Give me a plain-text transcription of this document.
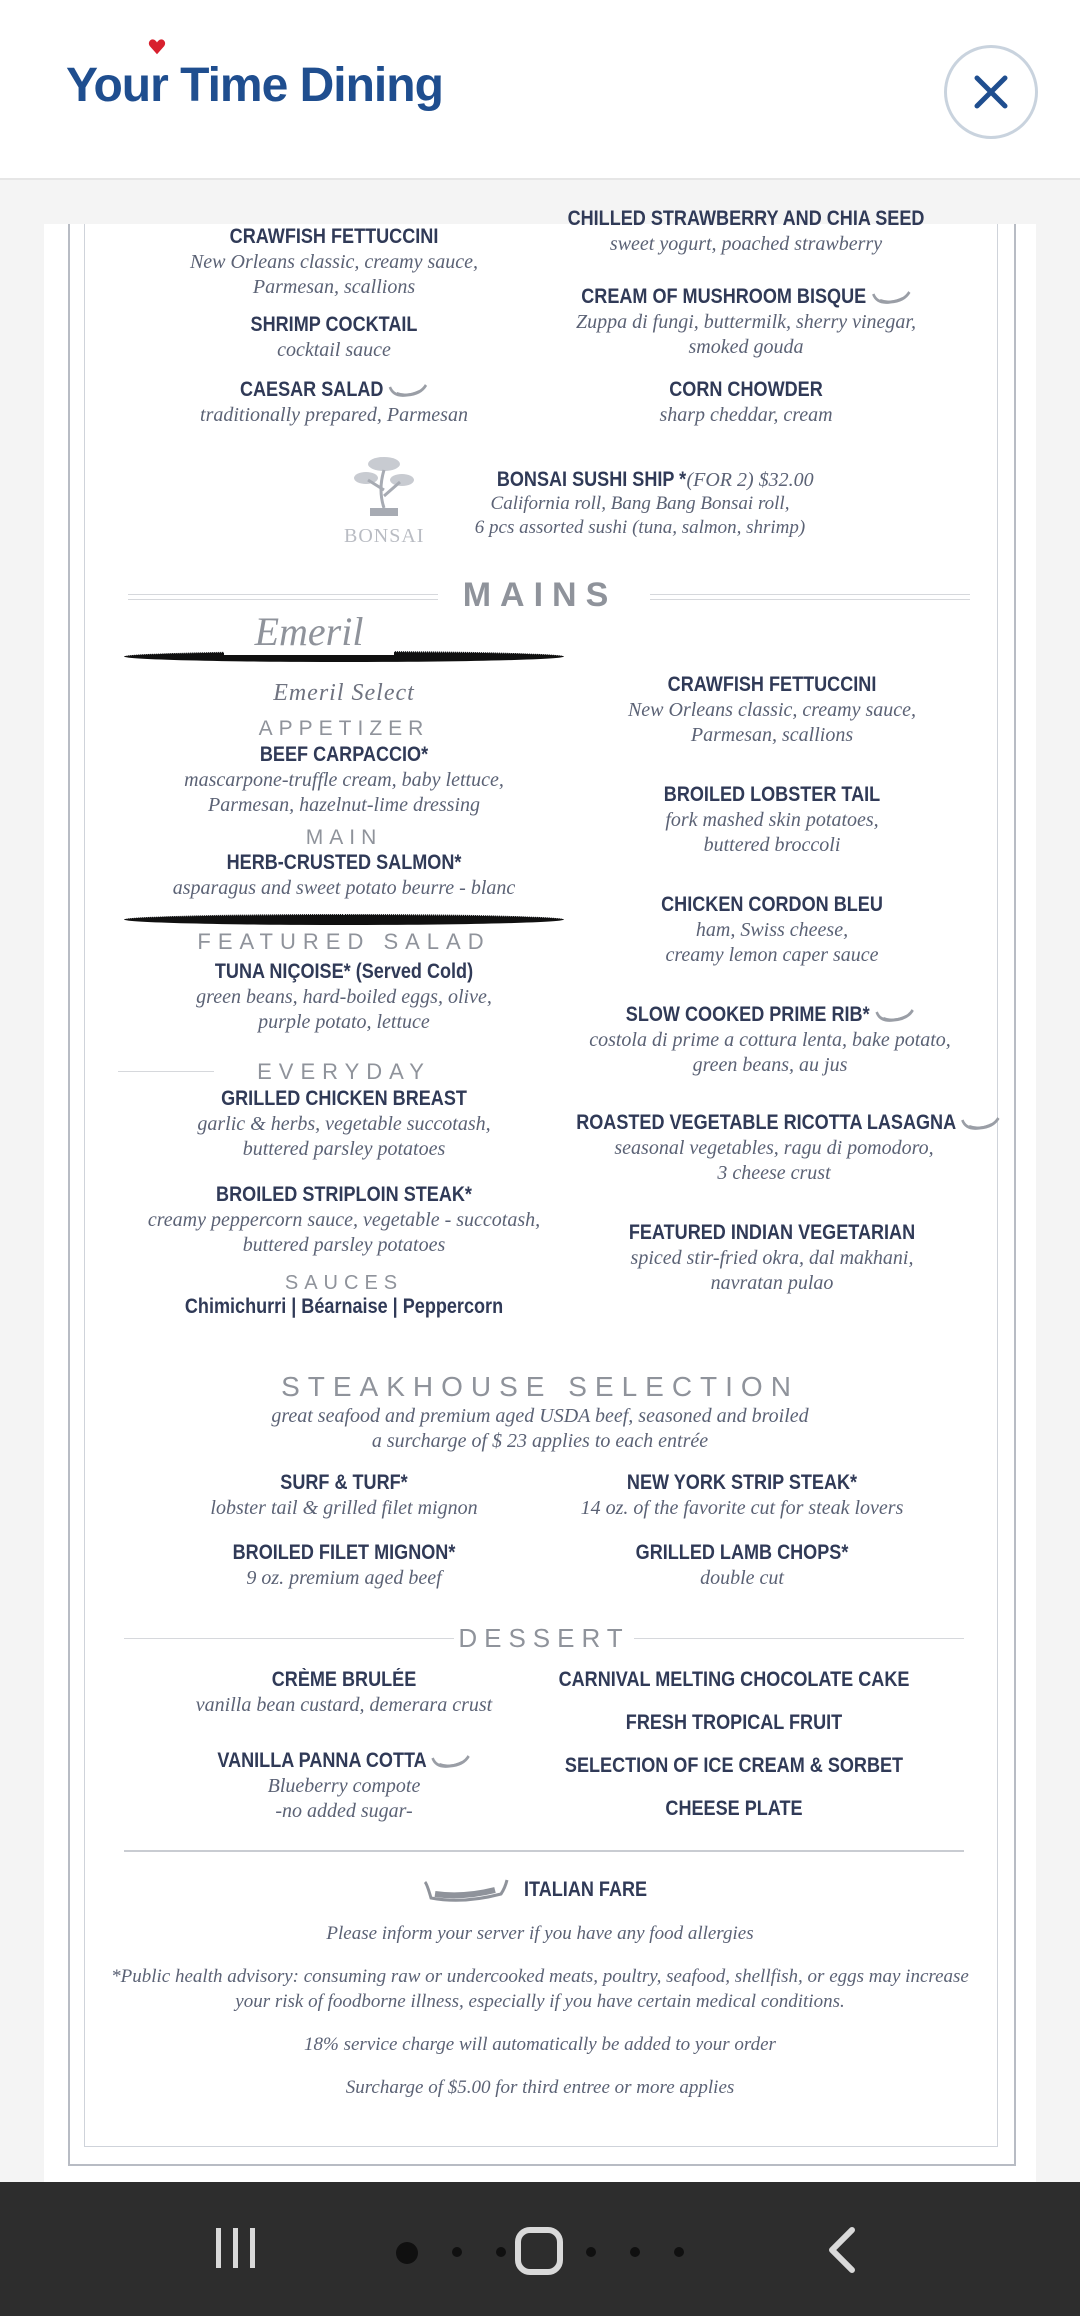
Your Time Dining
CRAWFISH FETTUCCINI
New Orleans classic, creamy sauce,
Parmesan, scallions
SHRIMP COCKTAIL
cocktail sauce
CAESAR SALAD
traditionally prepared, Parmesan
CHILLED STRAWBERRY AND CHIA SEED
sweet yogurt, poached strawberry
CREAM OF MUSHROOM BISQUE
Zuppa di fungi, buttermilk, sherry vinegar,
smoked gouda
CORN CHOWDER
sharp cheddar, cream
BONSAI
BONSAI SUSHI SHIP *(FOR 2) $32.00
California roll, Bang Bang Bonsai roll,
6 pcs assorted sushi (tuna, salmon, shrimp)
MAINS
Emeril
Emeril Select
APPETIZER
BEEF CARPACCIO*
mascarpone-truffle cream, baby lettuce,
Parmesan, hazelnut-lime dressing
MAIN
HERB-CRUSTED SALMON*
asparagus and sweet potato beurre - blanc
FEATURED SALAD
TUNA NIÇOISE* (Served Cold)
green beans, hard-boiled eggs, olive,
purple potato, lettuce
EVERYDAY
GRILLED CHICKEN BREAST
garlic & herbs, vegetable succotash,
buttered parsley potatoes
BROILED STRIPLOIN STEAK*
creamy peppercorn sauce, vegetable - succotash,
buttered parsley potatoes
SAUCES
Chimichurri | Béarnaise | Peppercorn
CRAWFISH FETTUCCINI
New Orleans classic, creamy sauce,
Parmesan, scallions
BROILED LOBSTER TAIL
fork mashed skin potatoes,
buttered broccoli
CHICKEN CORDON BLEU
ham, Swiss cheese,
creamy lemon caper sauce
SLOW COOKED PRIME RIB*
costola di prime a cottura lenta, bake potato,
green beans, au jus
ROASTED VEGETABLE RICOTTA LASAGNA
seasonal vegetables, ragu di pomodoro,
3 cheese crust
FEATURED INDIAN VEGETARIAN
spiced stir-fried okra, dal makhani,
navratan pulao
STEAKHOUSE SELECTION
great seafood and premium aged USDA beef, seasoned and broiled
a surcharge of $ 23 applies to each entrée
SURF & TURF*
lobster tail & grilled filet mignon
NEW YORK STRIP STEAK*
14 oz. of the favorite cut for steak lovers
BROILED FILET MIGNON*
9 oz. premium aged beef
GRILLED LAMB CHOPS*
double cut
DESSERT
CRÈME BRULÉE
vanilla bean custard, demerara crust
VANILLA PANNA COTTA
Blueberry compote
-no added sugar-
CARNIVAL MELTING CHOCOLATE CAKE
FRESH TROPICAL FRUIT
SELECTION OF ICE CREAM & SORBET
CHEESE PLATE
ITALIAN FARE
Please inform your server if you have any food allergies
*Public health advisory: consuming raw or undercooked meats, poultry, seafood, shellfish, or eggs may increase
your risk of foodborne illness, especially if you have certain medical conditions.
18% service charge will automatically be added to your order
Surcharge of $5.00 for third entree or more applies
